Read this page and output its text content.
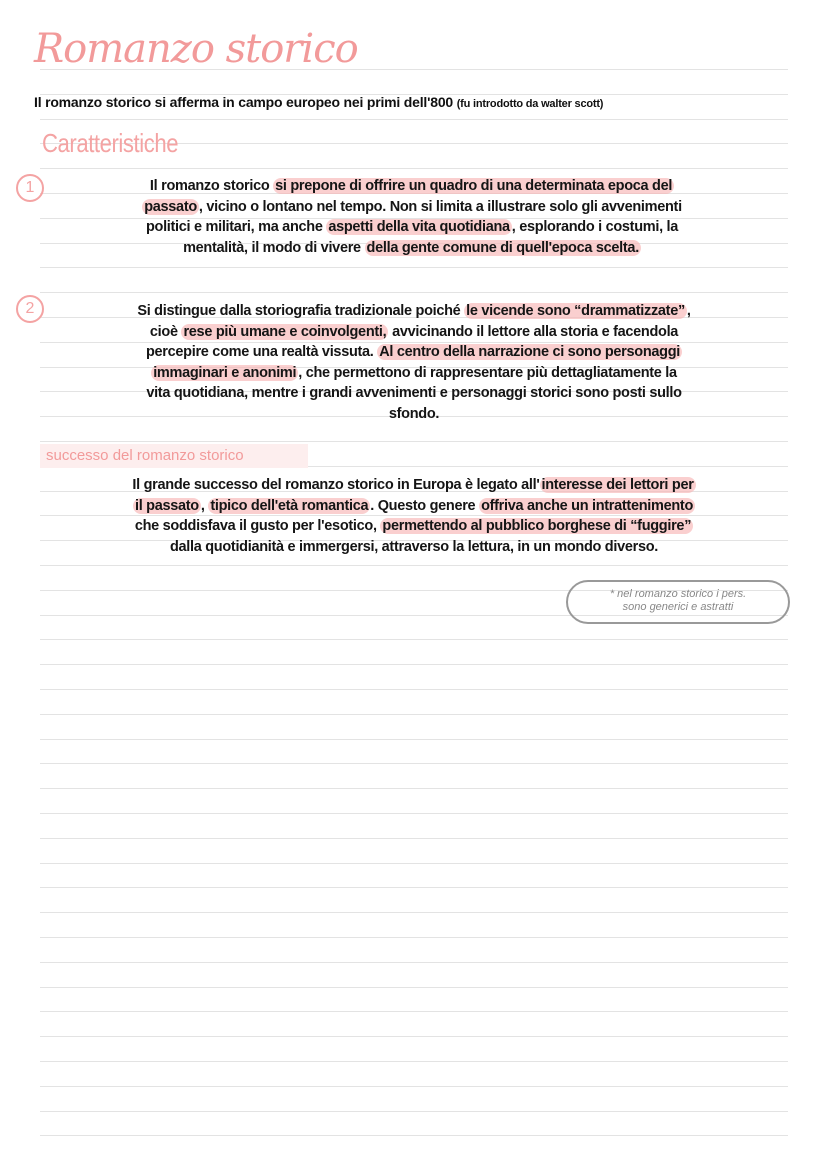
Romanzo storico
Il romanzo storico si afferma in campo europeo nei primi dell'800 (fu introdotto da walter scott)
Caratteristiche
1	Il romanzo storico si prepone di offrire un quadro di una determinata epoca del
passato , vicino o lontano nel tempo. Non si limita a illustrare solo gli avvenimenti
politici e militari, ma anche aspetti della vita quotidiana , esplorando i costumi, la
mentalità, il modo di vivere della gente comune di quell'epoca scelta.
2	Si distingue dalla storiografia tradizionale poiché le vicende sono “drammatizzate” ,
cioè rese più umane e coinvolgenti, avvicinando il lettore alla storia e facendola
percepire come una realtà vissuta. Al centro della narrazione ci sono personaggi
immaginari e anonimi , che permettono di rappresentare più dettagliatamente la
vita quotidiana, mentre i grandi avvenimenti e personaggi storici sono posti sullo
sfondo.
successo del romanzo storico
Il grande successo del romanzo storico in Europa è legato all' interesse dei lettori per
il passato , tipico dell'età romantica . Questo genere offriva anche un intrattenimento
che soddisfava il gusto per l'esotico, permettendo al pubblico borghese di “fuggire”
dalla quotidianità e immergersi, attraverso la lettura, in un mondo diverso.
* nel romanzo storico i pers.
sono generici e astratti
